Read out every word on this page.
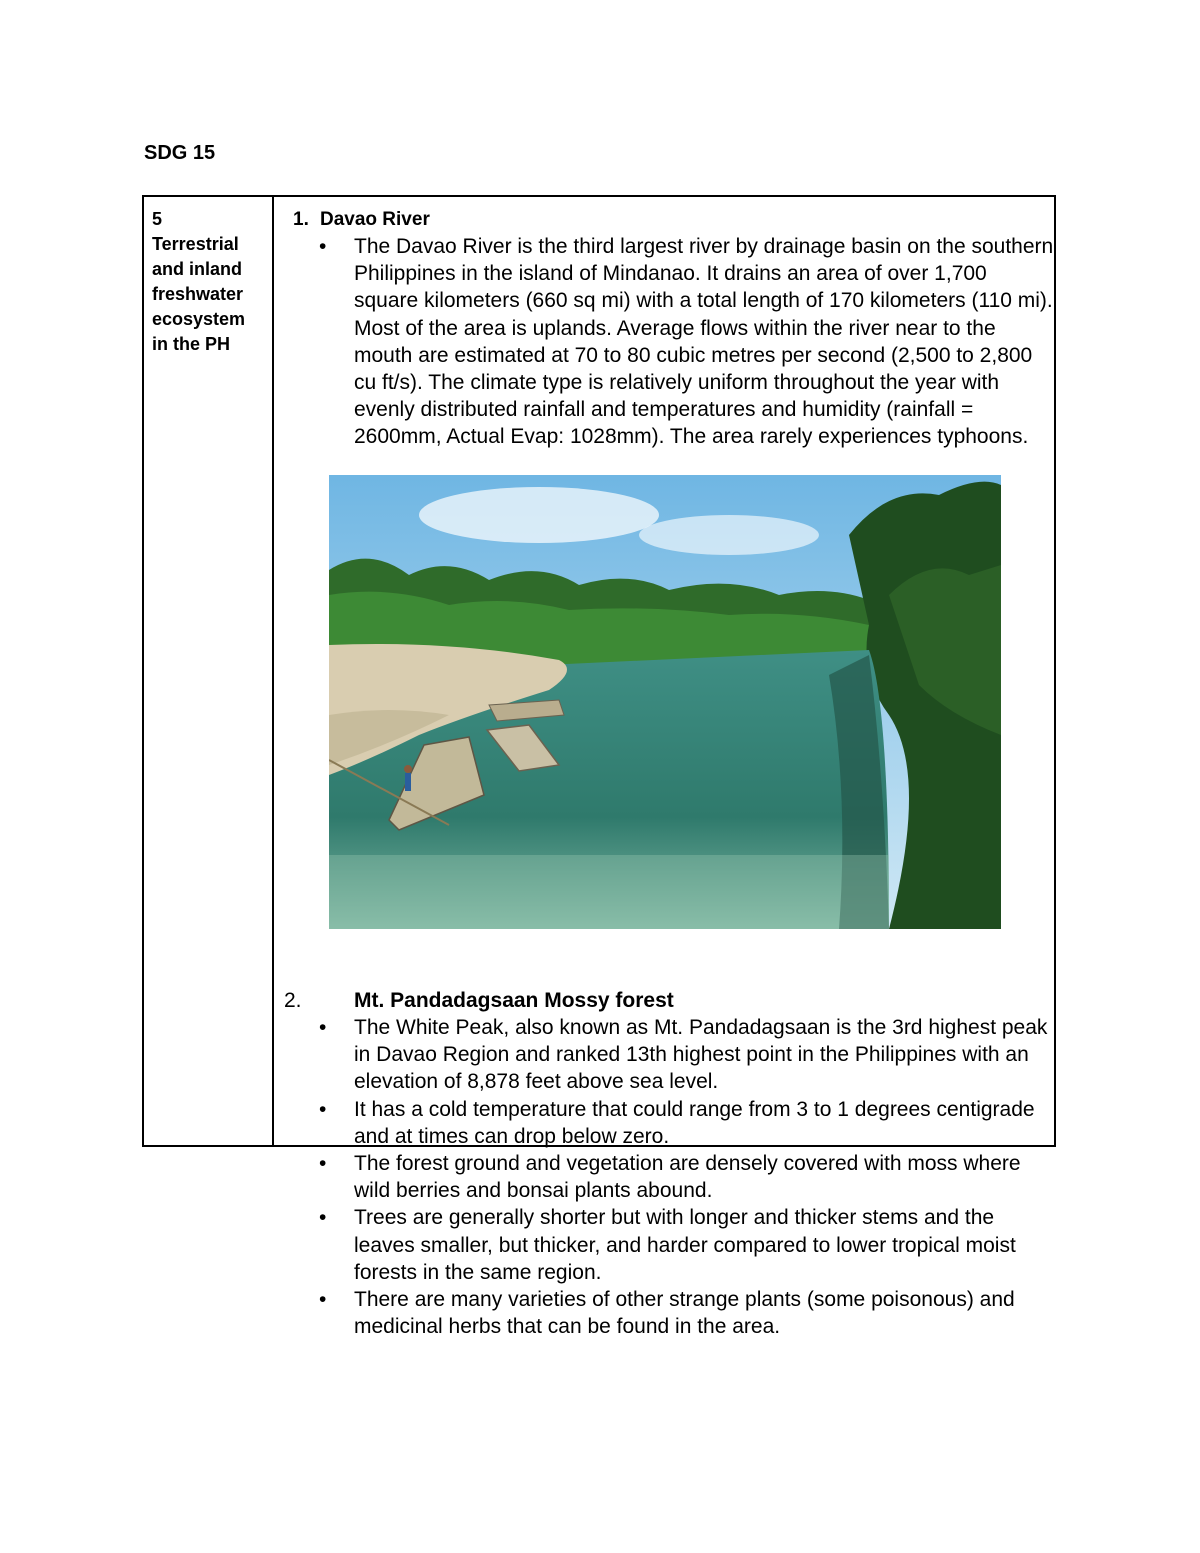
SDG 15
5
Terrestrial
and inland
freshwater
ecosystem
in the PH
1. Davao River
• The Davao River is the third largest river by drainage basin on the southern Philippines in the island of Mindanao. It drains an area of over 1,700 square kilometers (660 sq mi) with a total length of 170 kilometers (110 mi). Most of the area is uplands. Average flows within the river near to the mouth are estimated at 70 to 80 cubic metres per second (2,500 to 2,800 cu ft/s). The climate type is relatively uniform throughout the year with evenly distributed rainfall and temperatures and humidity (rainfall = 2600mm, Actual Evap: 1028mm). The area rarely experiences typhoons.
2. Mt. Pandadagsaan Mossy forest
• The White Peak, also known as Mt. Pandadagsaan is the 3rd highest peak in Davao Region and ranked 13th highest point in the Philippines with an elevation of 8,878 feet above sea level.
• It has a cold temperature that could range from 3 to 1 degrees centigrade and at times can drop below zero.
• The forest ground and vegetation are densely covered with moss where wild berries and bonsai plants abound.
• Trees are generally shorter but with longer and thicker stems and the leaves smaller, but thicker, and harder compared to lower tropical moist forests in the same region.
• There are many varieties of other strange plants (some poisonous) and medicinal herbs that can be found in the area.
